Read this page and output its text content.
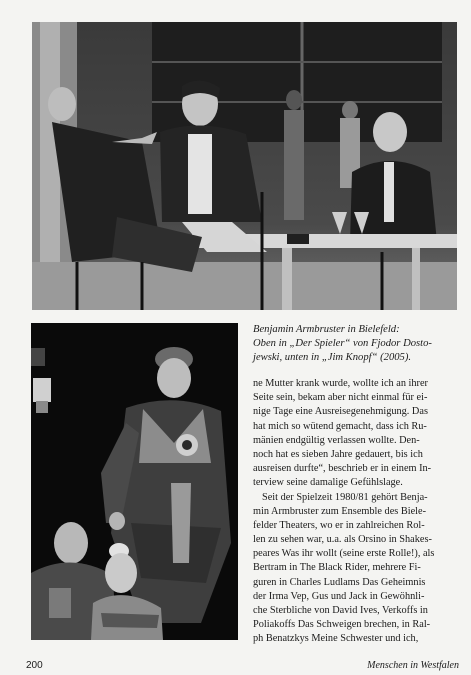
Benjamin Armbruster in Bielefeld:
Oben in „Der Spieler“ von Fjodor Dosto-
jewski, unten in „Jim Knopf“ (2005).
ne Mutter krank wurde, wollte ich an ihrer
Seite sein, bekam aber nicht einmal für ei-
nige Tage eine Ausreisegenehmigung. Das
hat mich so wütend gemacht, dass ich Ru-
mänien endgültig verlassen wollte. Den-
noch hat es sieben Jahre gedauert, bis ich
ausreisen durfte“, beschrieb er in einem In-
terview seine damalige Gefühlslage.
Seit der Spielzeit 1980/81 gehört Benja-
min Armbruster zum Ensemble des Biele-
felder Theaters, wo er in zahlreichen Rol-
len zu sehen war, u.a. als Orsino in Shakes-
peares Was ihr wollt (seine erste Rolle!), als
Bertram in The Black Rider, mehrere Fi-
guren in Charles Ludlams Das Geheimnis
der Irma Vep, Gus und Jack in Gewöhnli-
che Sterbliche von David Ives, Verkoffs in
Poliakoffs Das Schweigen brechen, in Ral-
ph Benatzkys Meine Schwester und ich,
200	Menschen in Westfalen
